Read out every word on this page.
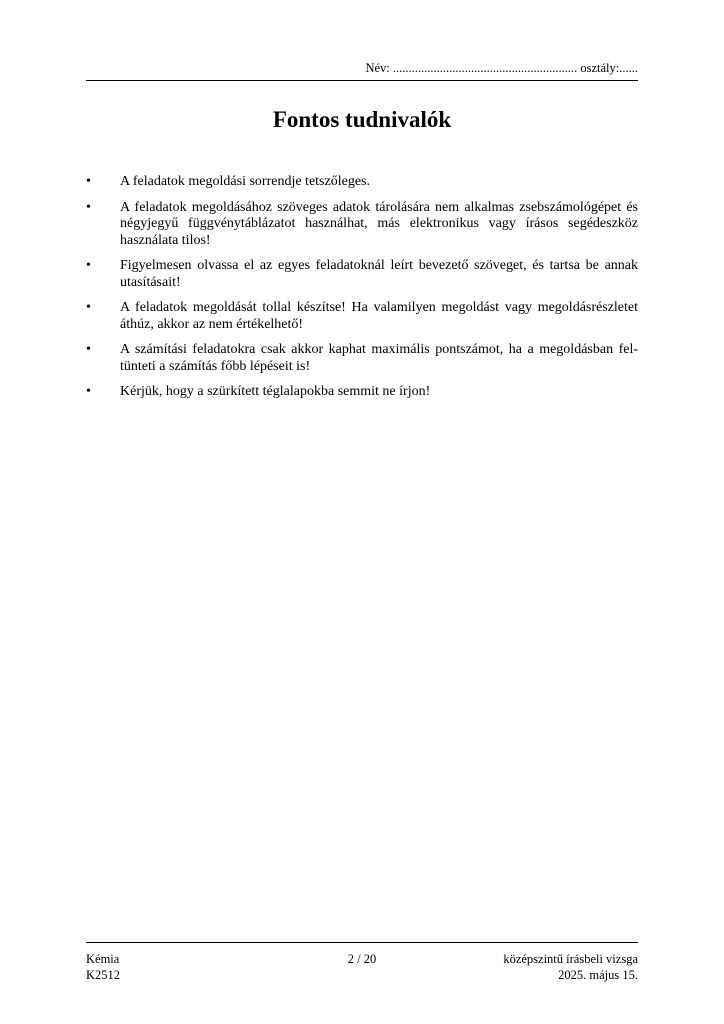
Név: ........................................................... osztály:......
Fontos tudnivalók
•	A feladatok megoldási sorrendje tetszőleges.
•	A feladatok megoldásához szöveges adatok tárolására nem alkalmas zsebszámológépet és négyjegyű függvénytáblázatot használhat, más elektronikus vagy írásos segédeszköz használata tilos!
•	Figyelmesen olvassa el az egyes feladatoknál leírt bevezető szöveget, és tartsa be annak utasításait!
•	A feladatok megoldását tollal készítse! Ha valamilyen megoldást vagy megoldásrészletet áthúz, akkor az nem értékelhető!
•	A számítási feladatokra csak akkor kaphat maximális pontszámot, ha a megoldásban fel-tünteti a számítás főbb lépéseit is!
•	Kérjük, hogy a szürkített téglalapokba semmit ne írjon!
Kémia
K2512
2 / 20	középszintű írásbeli vizsga
2025. május 15.
